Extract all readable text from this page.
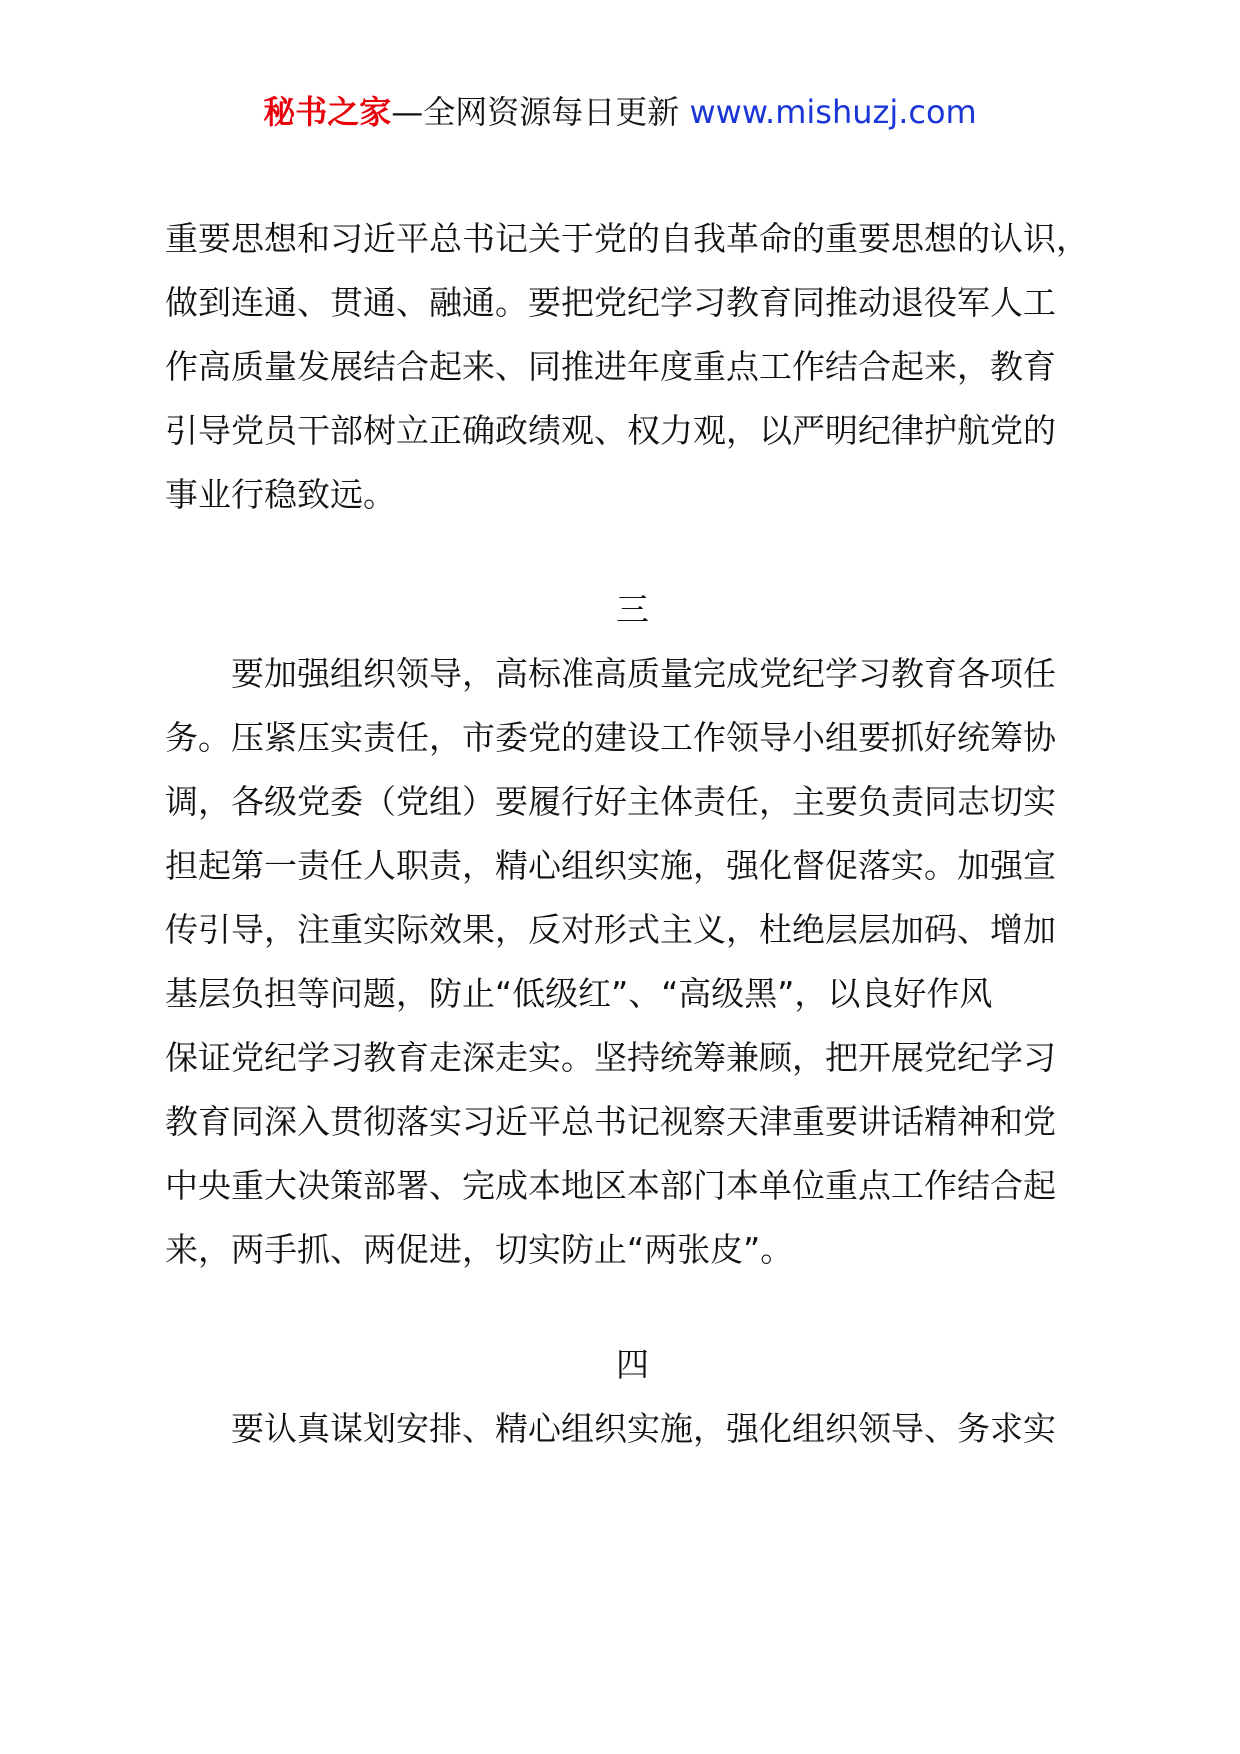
秘书之家—全网资源每日更新 www.mishuzj.com
重要思想和习近平总书记关于党的自我革命的重要思想的认识，
做到连通、贯通、融通。要把党纪学习教育同推动退役军人工
作高质量发展结合起来、同推进年度重点工作结合起来，教育
引导党员干部树立正确政绩观、权力观，以严明纪律护航党的
事业行稳致远。
三
要加强组织领导，高标准高质量完成党纪学习教育各项任
务。压紧压实责任，市委党的建设工作领导小组要抓好统筹协
调，各级党委（党组）要履行好主体责任，主要负责同志切实
担起第一责任人职责，精心组织实施，强化督促落实。加强宣
传引导，注重实际效果，反对形式主义，杜绝层层加码、增加
基层负担等问题，防止“低级红”、“高级黑”，以良好作风
保证党纪学习教育走深走实。坚持统筹兼顾，把开展党纪学习
教育同深入贯彻落实习近平总书记视察天津重要讲话精神和党
中央重大决策部署、完成本地区本部门本单位重点工作结合起
来，两手抓、两促进，切实防止“两张皮”。
四
要认真谋划安排、精心组织实施，强化组织领导、务求实
